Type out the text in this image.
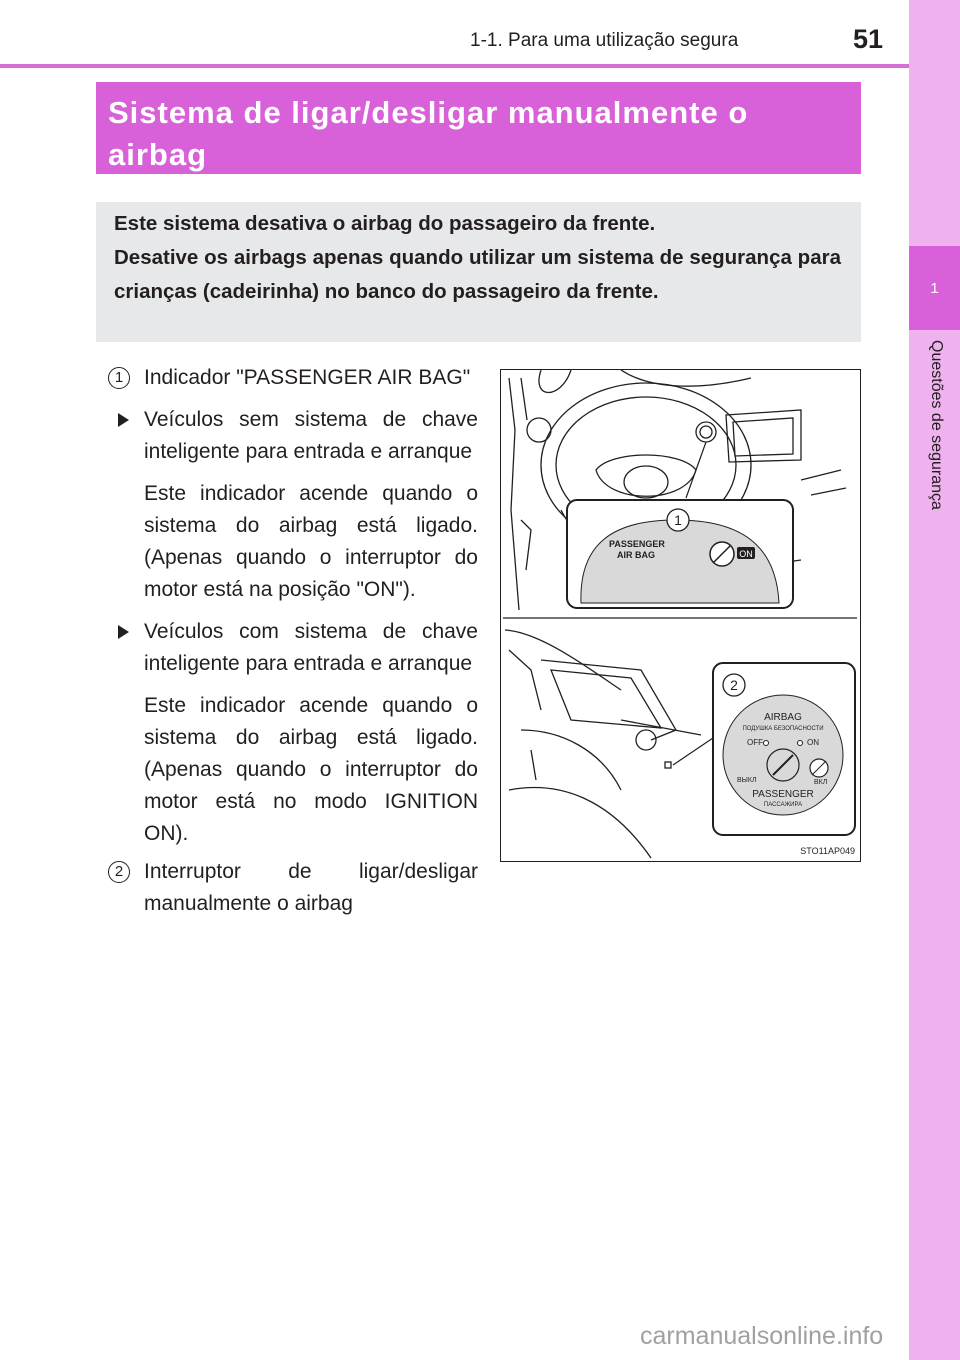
1
Questões de segurança
1-1. Para uma utilização segura	51
Sistema de ligar/desligar manualmente o
airbag

Este sistema desativa o airbag do passageiro da frente.

Desative os airbags apenas quando utilizar um sistema de segurança para crianças (cadeirinha) no banco do passageiro da frente.

1 Indicador "PASSENGER AIR BAG"
Veículos sem sistema de chave inteligente para entrada e arranque
Este indicador acende quando o sistema do airbag está ligado. (Apenas quando o interruptor do motor está na posição "ON").
Veículos com sistema de chave inteligente para entrada e arranque
Este indicador acende quando o sistema do airbag está ligado. (Apenas quando o interruptor do motor está no modo IGNITION ON).
2 Interruptor de ligar/desligar manualmente o airbag
1
PASSENGER
AIR BAG	ON
2
AIRBAG
ПОДУШКА БЕЗОПАСНОСТИ
OFF	ON
ВЫКЛ	ВКЛ
PASSENGER
ПАССАЖИРА
STO11AP049
carmanualsonline.info
